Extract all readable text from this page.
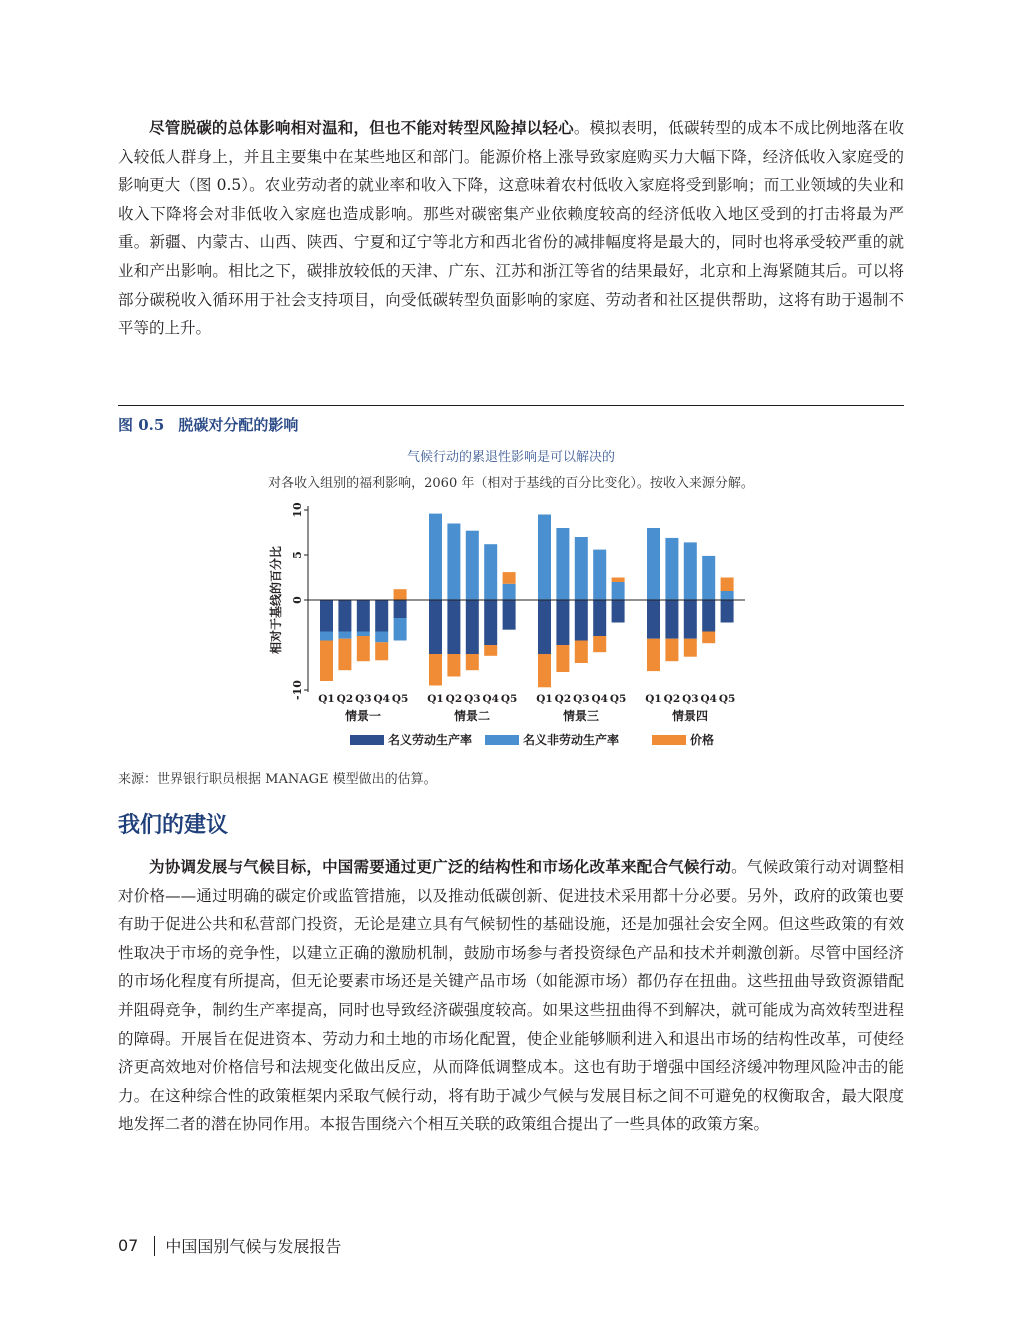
尽管脱碳的总体影响相对温和，但也不能对转型风险掉以轻心。模拟表明，低碳转型的成本不成比例地落在收入较低人群身上，并且主要集中在某些地区和部门。能源价格上涨导致家庭购买力大幅下降，经济低收入家庭受的影响更大（图 0.5）。农业劳动者的就业率和收入下降，这意味着农村低收入家庭将受到影响；而工业领域的失业和收入下降将会对非低收入家庭也造成影响。那些对碳密集产业依赖度较高的经济低收入地区受到的打击将最为严重。新疆、内蒙古、山西、陕西、宁夏和辽宁等北方和西北省份的减排幅度将是最大的，同时也将承受较严重的就业和产出影响。相比之下，碳排放较低的天津、广东、江苏和浙江等省的结果最好，北京和上海紧随其后。可以将部分碳税收入循环用于社会支持项目，向受低碳转型负面影响的家庭、劳动者和社区提供帮助，这将有助于遏制不平等的上升。

图 0.5 脱碳对分配的影响
气候行动的累退性影响是可以解决的
对各收入组别的福利影响，2060 年（相对于基线的百分比变化）。按收入来源分解。
-10
0
5
10
相对于基线的百分比
Q1 Q2 Q3 Q4 Q5
情景一
Q1 Q2 Q3 Q4 Q5
情景二
Q1 Q2 Q3 Q4 Q5
情景三
Q1 Q2 Q3 Q4 Q5
情景四
名义劳动生产率	名义非劳动生产率	价格
来源：世界银行职员根据 MANAGE 模型做出的估算。
我们的建议

为协调发展与气候目标，中国需要通过更广泛的结构性和市场化改革来配合气候行动。气候政策行动对调整相对价格——通过明确的碳定价或监管措施，以及推动低碳创新、促进技术采用都十分必要。另外，政府的政策也要有助于促进公共和私营部门投资，无论是建立具有气候韧性的基础设施，还是加强社会安全网。但这些政策的有效性取决于市场的竞争性，以建立正确的激励机制，鼓励市场参与者投资绿色产品和技术并刺激创新。尽管中国经济的市场化程度有所提高，但无论要素市场还是关键产品市场（如能源市场）都仍存在扭曲。这些扭曲导致资源错配并阻碍竞争，制约生产率提高，同时也导致经济碳强度较高。如果这些扭曲得不到解决，就可能成为高效转型进程的障碍。开展旨在促进资本、劳动力和土地的市场化配置，使企业能够顺利进入和退出市场的结构性改革，可使经济更高效地对价格信号和法规变化做出反应，从而降低调整成本。这也有助于增强中国经济缓冲物理风险冲击的能力。在这种综合性的政策框架内采取气候行动，将有助于减少气候与发展目标之间不可避免的权衡取舍，最大限度地发挥二者的潜在协同作用。本报告围绕六个相互关联的政策组合提出了一些具体的政策方案。

07 中国国别气候与发展报告
